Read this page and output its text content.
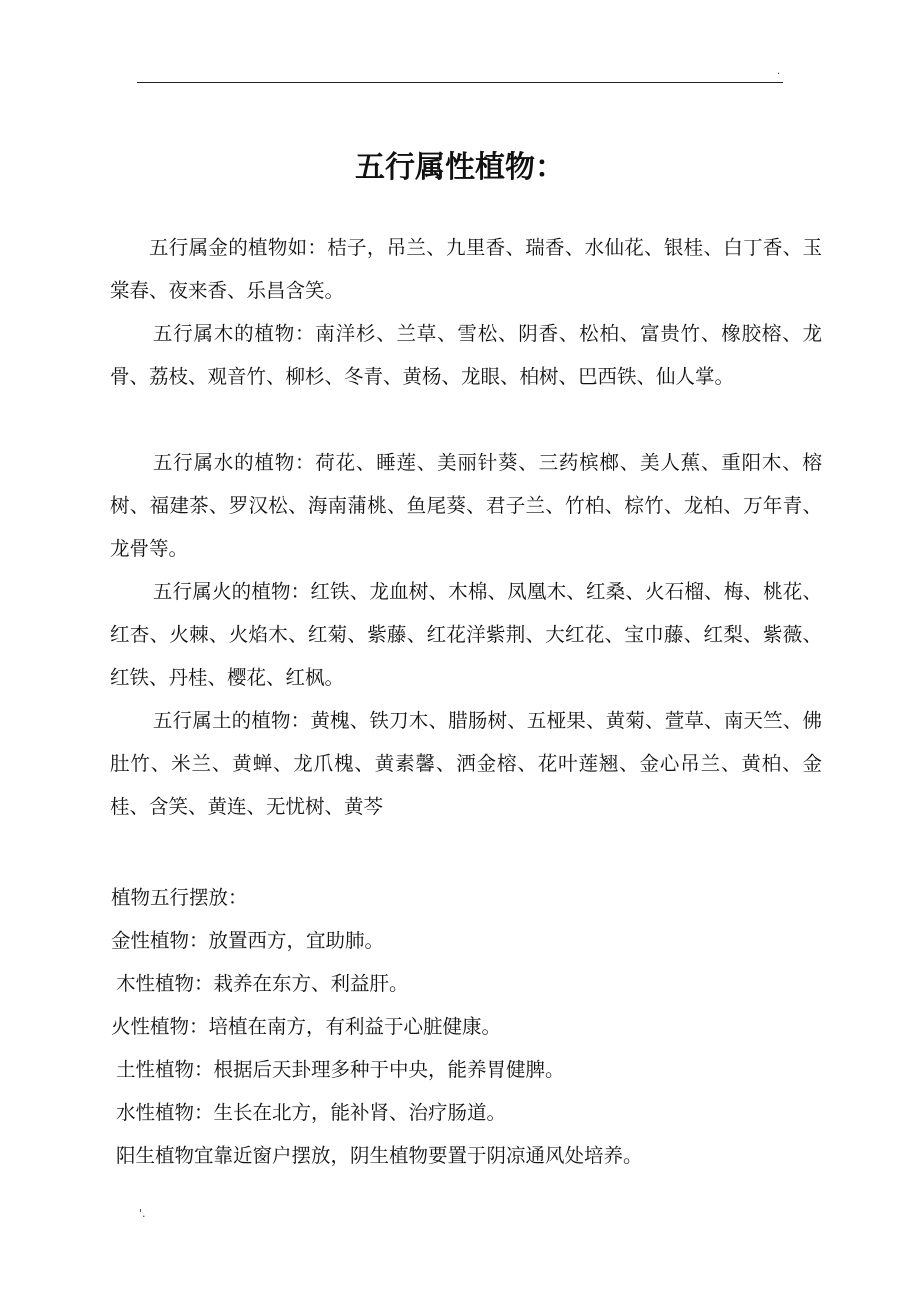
.
五行属性植物：

五行属金的植物如：桔子，吊兰、九里香、瑞香、水仙花、银桂、白丁香、玉棠春、夜来香、乐昌含笑。

五行属木的植物：南洋杉、兰草、雪松、阴香、松柏、富贵竹、橡胶榕、龙骨、荔枝、观音竹、柳杉、冬青、黄杨、龙眼、柏树、巴西铁、仙人掌。

五行属水的植物：荷花、睡莲、美丽针葵、三药槟榔、美人蕉、重阳木、榕树、福建茶、罗汉松、海南蒲桃、鱼尾葵、君子兰、竹柏、棕竹、龙柏、万年青、龙骨等。

五行属火的植物：红铁、龙血树、木棉、凤凰木、红桑、火石榴、梅、桃花、红杏、火棘、火焰木、红菊、紫藤、红花洋紫荆、大红花、宝巾藤、红梨、紫薇、红铁、丹桂、樱花、红枫。

五行属土的植物：黄槐、铁刀木、腊肠树、五桠果、黄菊、萱草、南天竺、佛肚竹、米兰、黄蝉、龙爪槐、黄素馨、洒金榕、花叶莲翘、金心吊兰、黄柏、金桂、含笑、黄连、无忧树、黄芩

植物五行摆放：

金性植物：放置西方，宜助肺。

木性植物：栽养在东方、利益肝。

火性植物：培植在南方，有利益于心脏健康。

土性植物：根据后天卦理多种于中央，能养胃健脾。

水性植物：生长在北方，能补肾、治疗肠道。

阳生植物宜靠近窗户摆放，阴生植物要置于阴凉通风处培养。

'.
